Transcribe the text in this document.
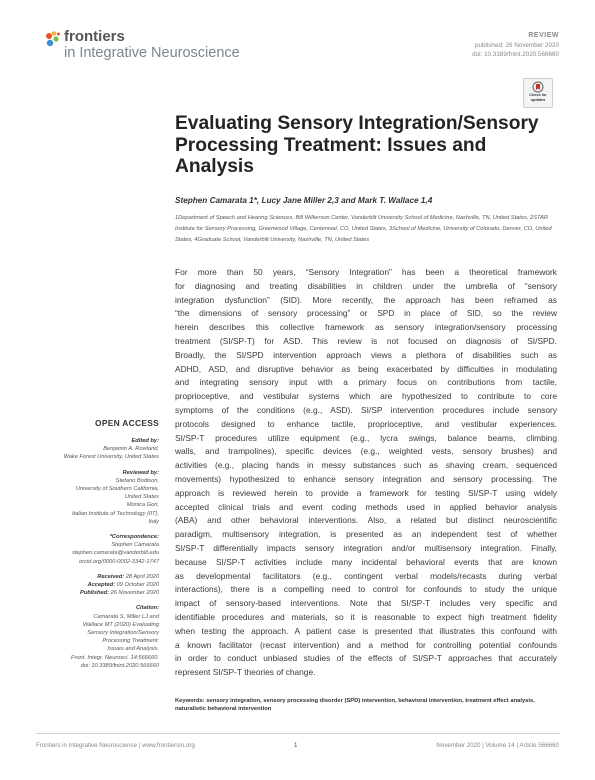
frontiers
in Integrative Neuroscience
REVIEW
published: 26 November 2020
doi: 10.3389/fnint.2020.566660
Check for
updates
Evaluating Sensory Integration/Sensory Processing Treatment: Issues and Analysis
Stephen Camarata 1*, Lucy Jane Miller 2,3 and Mark T. Wallace 1,4
1Department of Speech and Hearing Sciences, Bill Wilkerson Center, Vanderbilt University School of Medicine, Nashville, TN, United States, 2STAR Institute for Sensory Processing, Greenwood Village, Centennial, CO, United States, 3School of Medicine, University of Colorado, Denver, CO, United States, 4Graduate School, Vanderbilt University, Nashville, TN, United States
For more than 50 years, “Sensory Integration” has been a theoretical framework
for diagnosing and treating disabilities in children under the umbrella of “sensory
integration dysfunction” (SID). More recently, the approach has been reframed as
“the dimensions of sensory processing” or SPD in place of SID, so the review
herein describes this collective framework as sensory integration/sensory processing
treatment (SI/SP-T) for ASD. This review is not focused on diagnosis of SI/SPD.
Broadly, the SI/SPD intervention approach views a plethora of disabilities such as
ADHD, ASD, and disruptive behavior as being exacerbated by difficulties in modulating
and integrating sensory input with a primary focus on contributions from tactile,
proprioceptive, and vestibular systems which are hypothesized to contribute to core
symptoms of the conditions (e.g., ASD). SI/SP intervention procedures include sensory
protocols designed to enhance tactile, proprioceptive, and vestibular experiences.
SI/SP-T procedures utilize equipment (e.g., lycra swings, balance beams, climbing
walls, and trampolines), specific devices (e.g., weighted vests, sensory brushes) and
activities (e.g., placing hands in messy substances such as shaving cream, sequenced
movements) hypothesized to enhance sensory integration and sensory processing. The
approach is reviewed herein to provide a framework for testing SI/SP-T using widely
accepted clinical trials and event coding methods used in applied behavior analysis
(ABA) and other behavioral interventions. Also, a related but distinct neuroscientific
paradigm, multisensory integration, is presented as an independent test of whether
SI/SP-T differentially impacts sensory integration and/or multisensory integration. Finally,
because SI/SP-T activities include many incidental behavioral events that are known
as developmental facilitators (e.g., contingent verbal models/recasts during verbal
interactions), there is a compelling need to control for confounds to study the unique
impact of sensory-based interventions. Note that SI/SP-T includes very specific and
identifiable procedures and materials, so it is reasonable to expect high treatment fidelity
when testing the approach. A patient case is presented that illustrates this confound with
a known facilitator (recast intervention) and a method for controlling potential confounds
in order to conduct unbiased studies of the effects of SI/SP-T approaches that accurately
represent SI/SP-T theories of change.
Keywords: sensory integration, sensory processing disorder (SPD) intervention, behavioral intervention, treatment effect analysis, naturalistic behavioral intervention
OPEN ACCESS
Edited by:
Benjamin A. Rowland,
Wake Forest University, United States
Reviewed by:
Stefano Bodison,
University of Southern California,
United States
Monica Gori,
Italian Institute of Technology (IIT),
Italy
*Correspondence:
Stephen Camarata
stephen.camarata@vanderbilt.edu
orcid.org/0000-0002-3342-1747
Received: 28 April 2020
Accepted: 09 October 2020
Published: 26 November 2020
Citation:
Camarata S, Miller LJ and
Wallace MT (2020) Evaluating
Sensory Integration/Sensory
Processing Treatment:
Issues and Analysis.
Front. Integr. Neurosci. 14:566660.
doi: 10.3389/fnint.2020.566660
Frontiers in Integrative Neuroscience | www.frontiersin.org	1	November 2020 | Volume 14 | Article 566660
